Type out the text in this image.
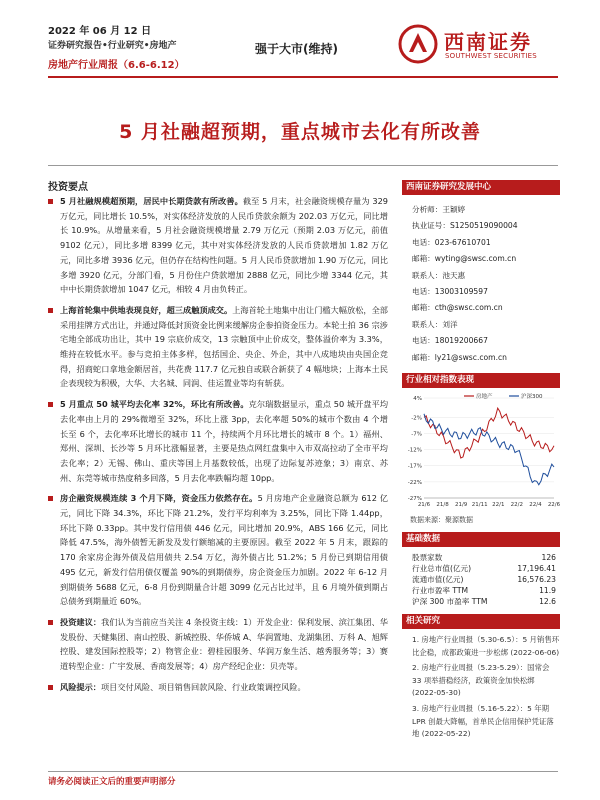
2022 年 06 月 12 日
证券研究报告•行业研究•房地产
房地产行业周报（6.6-6.12）
强于大市(维持)	西南证券
SOUTHWEST SECURITIES
5 月社融超预期，重点城市去化有所改善
投资要点
5 月社融规模超预期，居民中长期贷款有所改善。截至 5 月末，社会融资规模存量为 329 万亿元，同比增长 10.5%，对实体经济发放的人民币贷款余额为 202.03 万亿元，同比增长 10.9%。从增量来看，5 月社会融资规模增量 2.79 万亿元（预期 2.03 万亿元，前值 9102 亿元），同比多增 8399 亿元，其中对实体经济发放的人民币贷款增加 1.82 万亿元，同比多增 3936 亿元，但仍存在结构性问题。5 月人民币贷款增加 1.90 万亿元，同比多增 3920 亿元，分部门看，5 月份住户贷款增加 2888 亿元，同比少增 3344 亿元，其中中长期贷款增加 1047 亿元，相较 4 月由负转正。
上海首轮集中供地表现良好，超三成触顶成交。上海首轮土地集中出让门槛大幅放松，全部采用挂牌方式出让，并通过降低封顶资金比例来缓解房企参拍资金压力。本轮土拍 36 宗涉宅地全部成功出让，其中 19 宗底价成交，13 宗触顶中止价成交，整体溢价率为 3.3%，维持在较低水平。参与竞拍主体多样，包括国企、央企、外企，其中八成地块由央国企竞得，招商蛇口拿地金额居首，共花费 117.7 亿元独自或联合新获了 4 幅地块；上海本土民企表现较为积极，大华、大名城、同润、佳运置业等均有斩获。
5 月重点 50 城平均去化率 32%，环比有所改善。克尔瑞数据显示，重点 50 城开盘平均去化率由上月的 29%微增至 32%，环比上涨 3pp，去化率超 50%的城市个数由 4 个增长至 6 个，去化率环比增长的城市 11 个，持续两个月环比增长的城市 8 个。1）福州、郑州、深圳、长沙等 5 月环比涨幅显著，主要是热点网红盘集中入市双高拉动了全市平均去化率；2）无锡、佛山、重庆等国上月基数较低，出现了边际复苏迹象；3）南京、苏州、东莞等城市热度稍多回落，5 月去化率跌幅均超 10pp。
房企融资规模连续 3 个月下降，资金压力依然存在。5 月房地产企业融资总额为 612 亿元，同比下降 34.3%，环比下降 21.2%，发行平均利率为 3.25%，同比下降 1.44pp，环比下降 0.33pp。其中发行信用债 446 亿元，同比增加 20.9%，ABS 166 亿元，同比降低 47.5%，海外债暂无新发及发行额缩减的主要原因。截至 2022 年 5 月末，跟踪的 170 余家房企海外债及信用债共 2.54 万亿，海外债占比 51.2%；5 月份已到期信用债 495 亿元，新发行信用债仅覆盖 90%的到期债券，房企资金压力加剧。2022 年 6-12 月到期债务 5688 亿元，6-8 月份到期量合计超 3099 亿元占比过半，且 6 月境外债到期占总债务到期量近 60%。
投资建议：我们认为当前应当关注 4 条投资主线：1）开发企业：保利发展、滨江集团、华发股份、天健集团、南山控股、新城控股、华侨城 A、华润置地、龙湖集团、万科 A、旭辉控股、建发国际控股等；2）物管企业：碧桂园服务、华润万象生活、越秀服务等；3）赛道转型企业：广宇发展、香商发展等；4）房产经纪企业：贝壳等。
风险提示：项目交付风险、项目销售回款风险、行业政策调控风险。
西南证券研究发展中心
分析师：王颖婷
执业证号：S1250519090004
电话：023-67610701
邮箱：wyting@swsc.com.cn
联系人：池天惠
电话：13003109597
邮箱：cth@swsc.com.cn
联系人：刘洋
电话：18019200667
邮箱：ly21@swsc.com.cn
行业相对指数表现
4%
-2%
-7%
-12%
-17%
-22%
-27%
21/6 21/8 21/9 21/11 22/1 22/2 22/4 22/6
房地产	沪深300
数据来源：聚源数据
基础数据
股票家数	126
行业总市值(亿元)	17,196.41
流通市值(亿元)	16,576.23
行业市盈率 TTM	11.9
沪深 300 市盈率 TTM	12.6
相关研究
1. 房地产行业周报（5.30-6.5）：5 月销售环比企稳，成都政策进一步松绑 (2022-06-06)
2. 房地产行业周报（5.23-5.29）：国常会 33 项举措稳经济，政策资金加快松绑 (2022-05-30)
3. 房地产行业周报（5.16-5.22）：5 年期 LPR 创最大降幅，首单民企信用保护凭证落地 (2022-05-22)
请务必阅读正文后的重要声明部分
